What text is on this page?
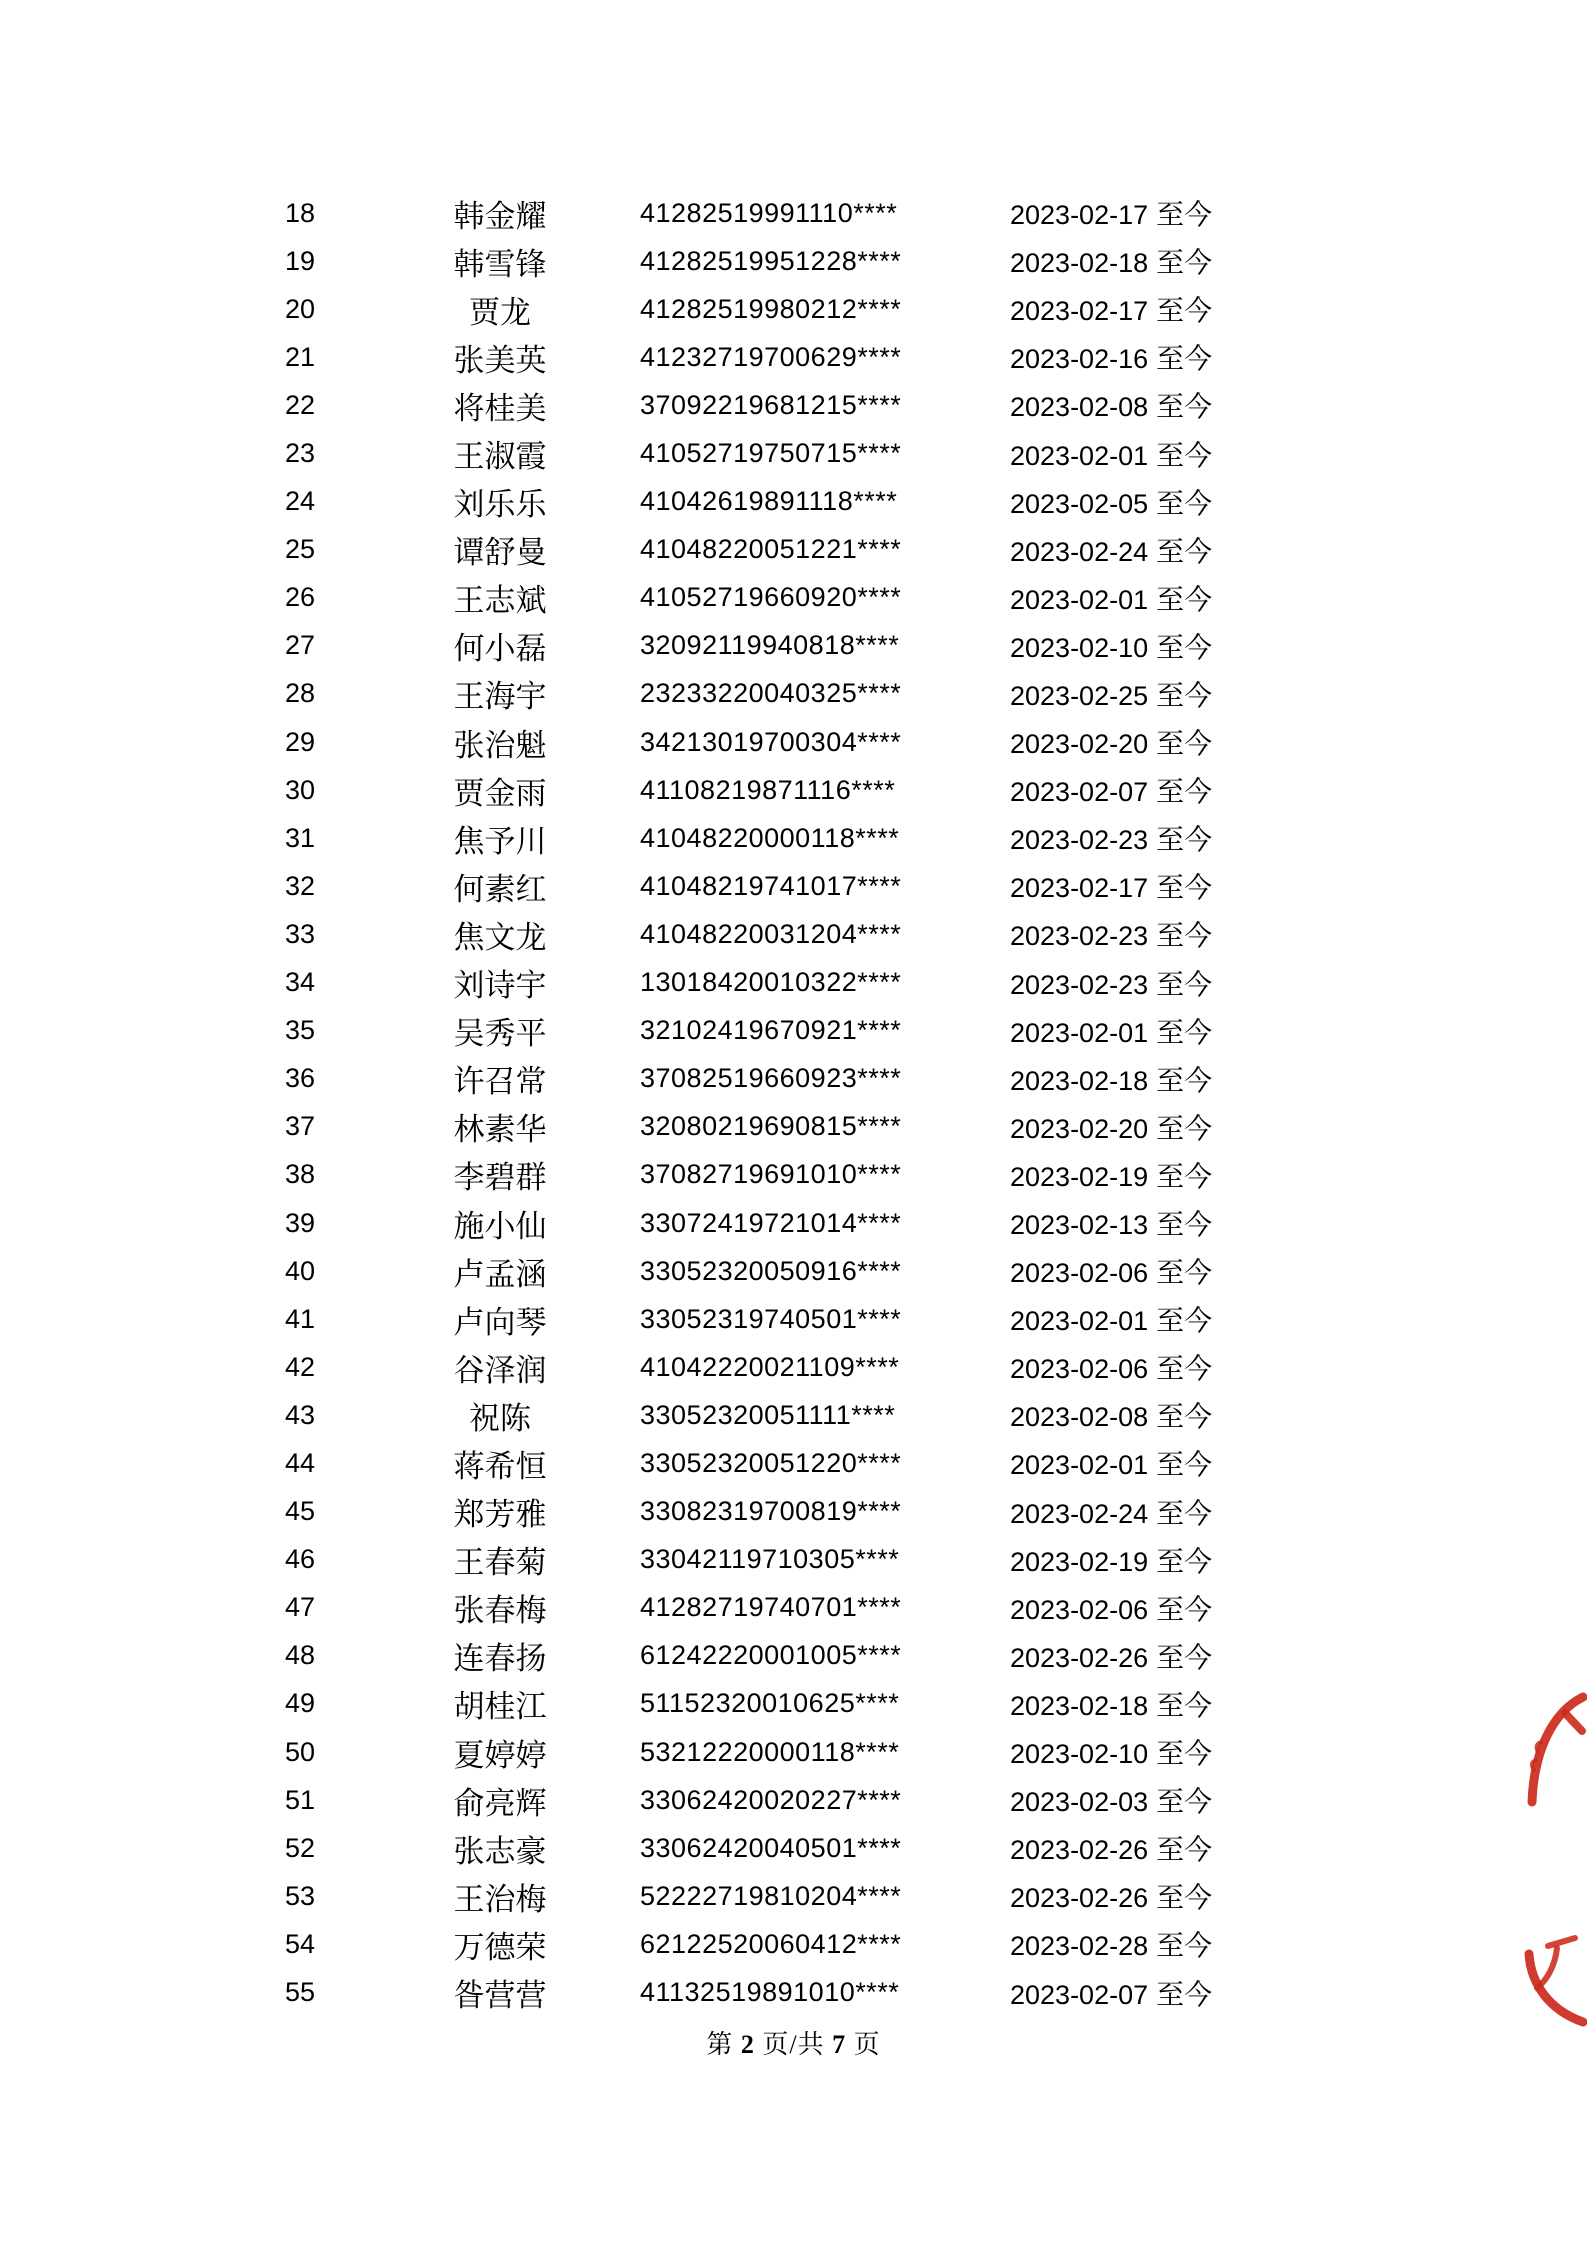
18	韩金耀	41282519991110****	2023-02-17 至今
19	韩雪锋	41282519951228****	2023-02-18 至今
20	贾龙	41282519980212****	2023-02-17 至今
21	张美英	41232719700629****	2023-02-16 至今
22	将桂美	37092219681215****	2023-02-08 至今
23	王淑霞	41052719750715****	2023-02-01 至今
24	刘乐乐	41042619891118****	2023-02-05 至今
25	谭舒曼	41048220051221****	2023-02-24 至今
26	王志斌	41052719660920****	2023-02-01 至今
27	何小磊	32092119940818****	2023-02-10 至今
28	王海宇	23233220040325****	2023-02-25 至今
29	张治魁	34213019700304****	2023-02-20 至今
30	贾金雨	41108219871116****	2023-02-07 至今
31	焦予川	41048220000118****	2023-02-23 至今
32	何素红	41048219741017****	2023-02-17 至今
33	焦文龙	41048220031204****	2023-02-23 至今
34	刘诗宇	13018420010322****	2023-02-23 至今
35	吴秀平	32102419670921****	2023-02-01 至今
36	许召常	37082519660923****	2023-02-18 至今
37	林素华	32080219690815****	2023-02-20 至今
38	李碧群	37082719691010****	2023-02-19 至今
39	施小仙	33072419721014****	2023-02-13 至今
40	卢孟涵	33052320050916****	2023-02-06 至今
41	卢向琴	33052319740501****	2023-02-01 至今
42	谷泽润	41042220021109****	2023-02-06 至今
43	祝陈	33052320051111****	2023-02-08 至今
44	蒋希恒	33052320051220****	2023-02-01 至今
45	郑芳雅	33082319700819****	2023-02-24 至今
46	王春菊	33042119710305****	2023-02-19 至今
47	张春梅	41282719740701****	2023-02-06 至今
48	连春扬	61242220001005****	2023-02-26 至今
49	胡桂江	51152320010625****	2023-02-18 至今
50	夏婷婷	53212220000118****	2023-02-10 至今
51	俞亮辉	33062420020227****	2023-02-03 至今
52	张志豪	33062420040501****	2023-02-26 至今
53	王治梅	52222719810204****	2023-02-26 至今
54	万德荣	62122520060412****	2023-02-28 至今
55	昝营营	41132519891010****	2023-02-07 至今
第 2 页/共 7 页
